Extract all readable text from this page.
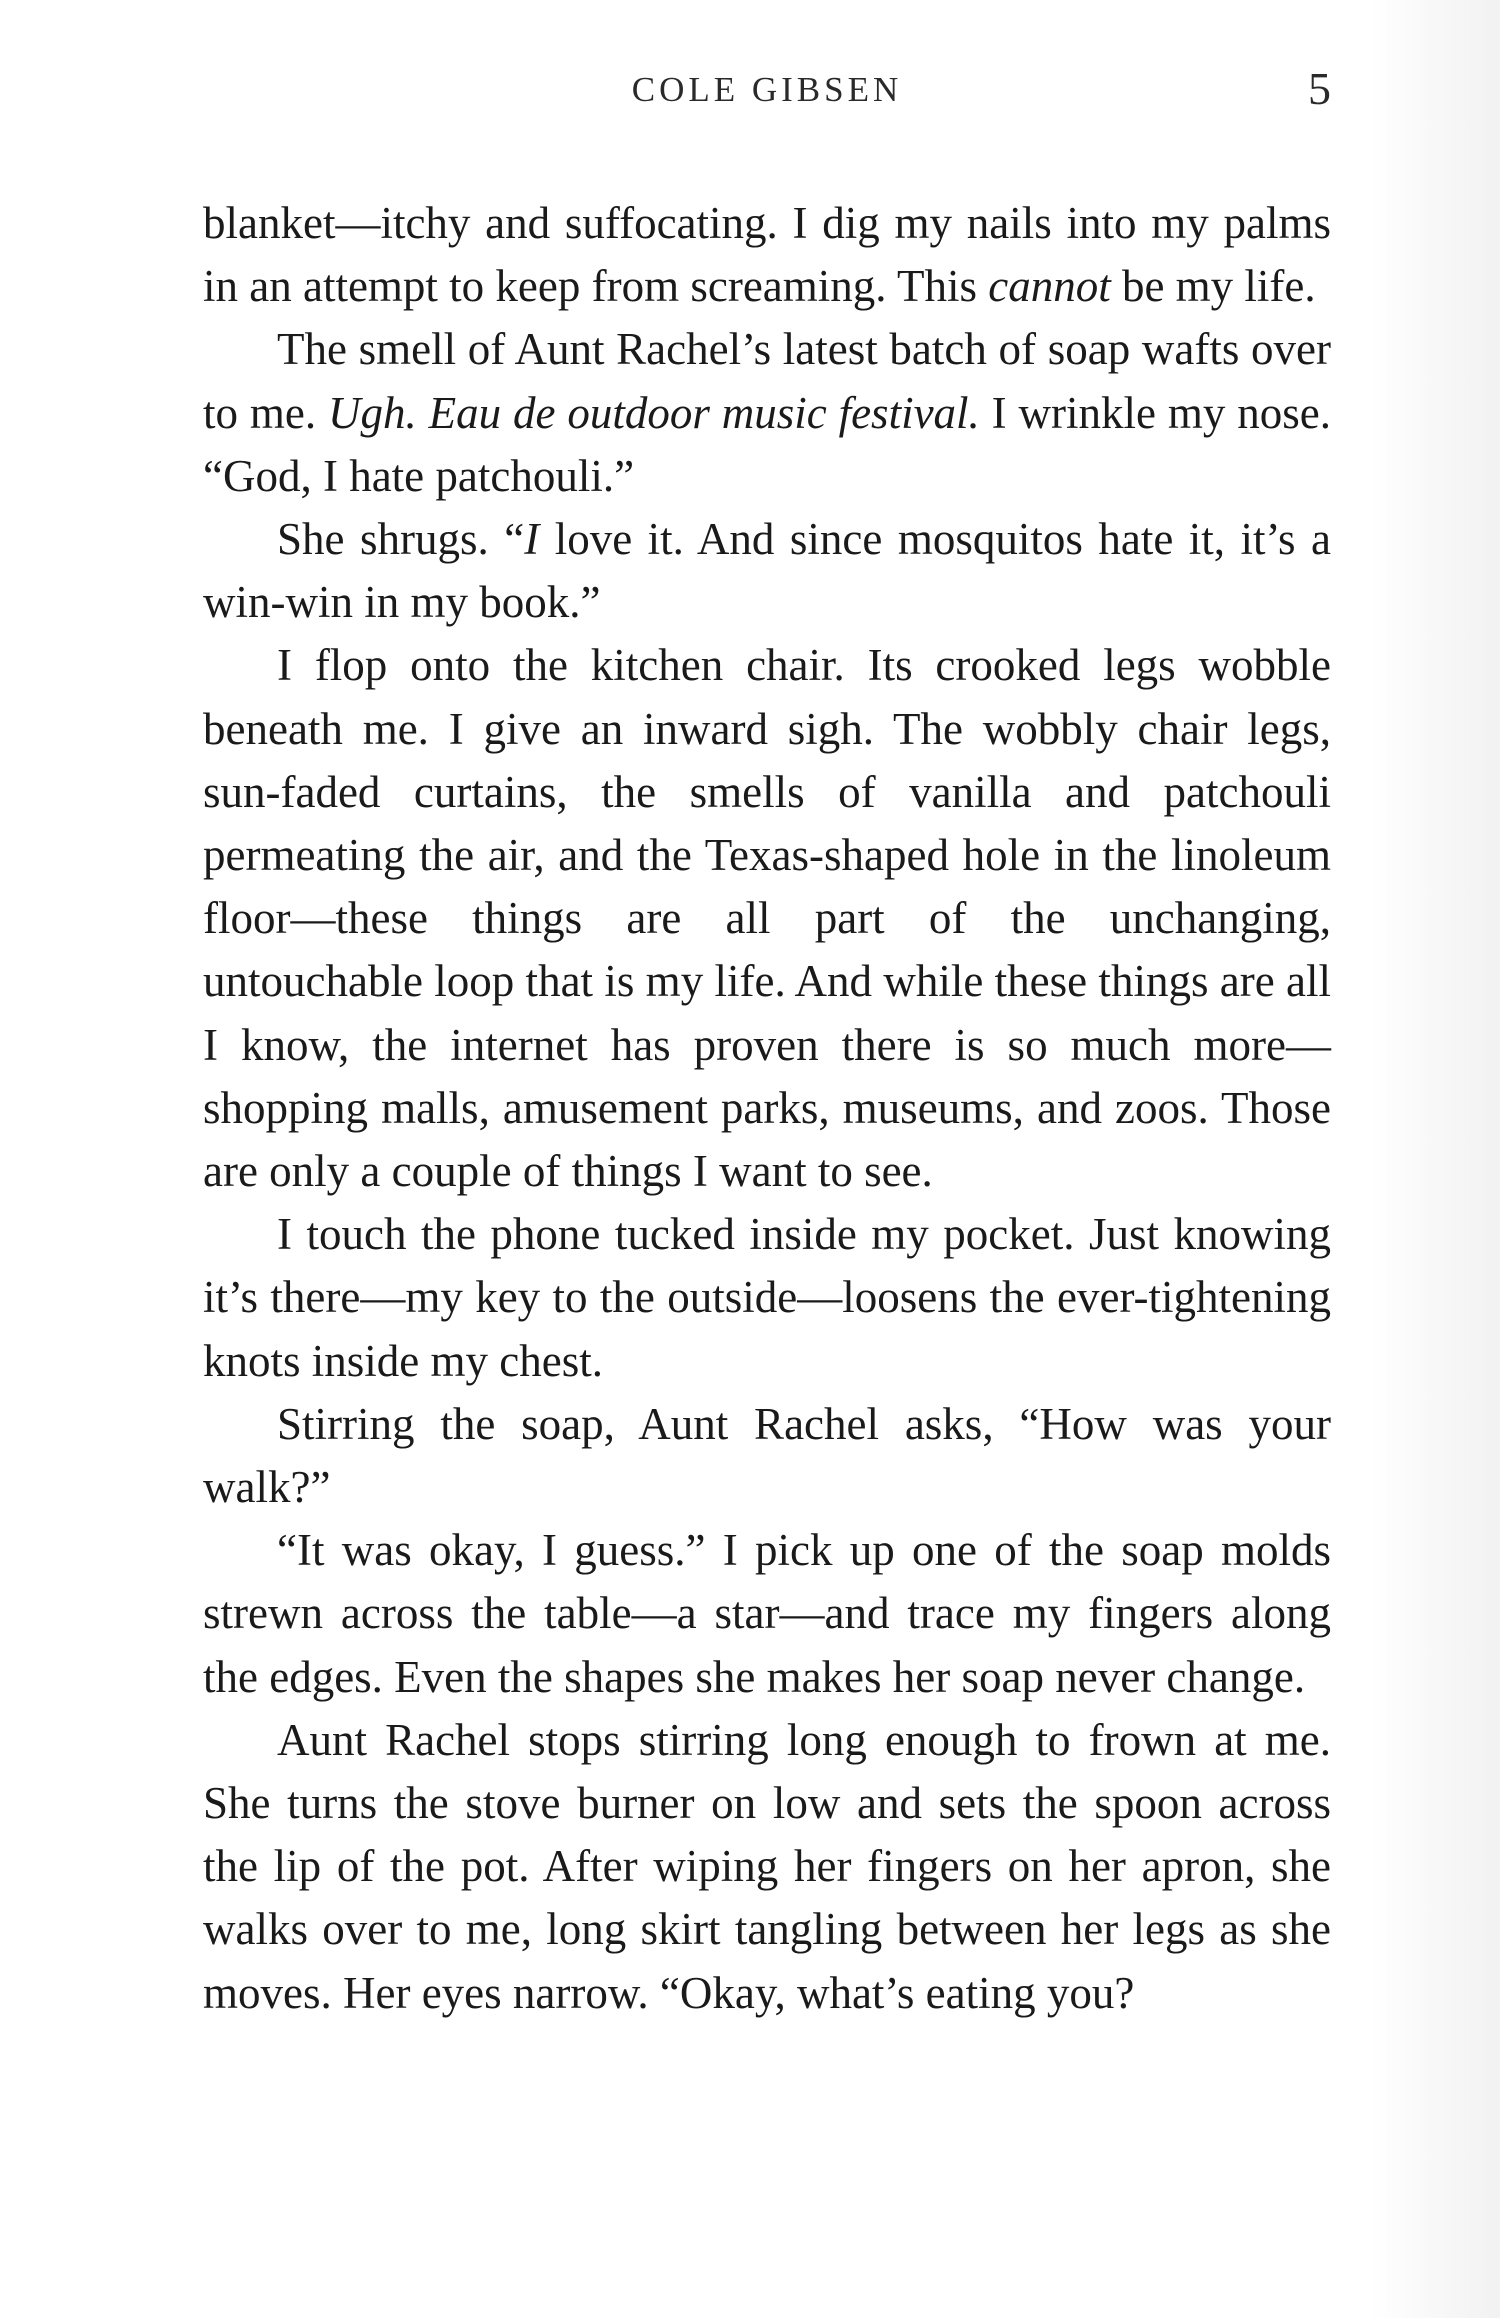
COLE GIBSEN	5

blanket—itchy and suffocating. I dig my nails into my palms in an attempt to keep from screaming. This cannot be my life.

The smell of Aunt Rachel’s latest batch of soap wafts over to me. Ugh. Eau de outdoor music festival. I wrinkle my nose. “God, I hate patchouli.”

She shrugs. “I love it. And since mosquitos hate it, it’s a win-win in my book.”

I flop onto the kitchen chair. Its crooked legs wobble beneath me. I give an inward sigh. The wobbly chair legs, sun-faded curtains, the smells of vanilla and patchouli permeating the air, and the Texas-shaped hole in the linoleum floor—these things are all part of the unchanging, untouchable loop that is my life. And while these things are all I know, the internet has proven there is so much more—shopping malls, amusement parks, museums, and zoos. Those are only a couple of things I want to see.

I touch the phone tucked inside my pocket. Just knowing it’s there—my key to the outside—loosens the ever-tightening knots inside my chest.

Stirring the soap, Aunt Rachel asks, “How was your walk?”

“It was okay, I guess.” I pick up one of the soap molds strewn across the table—a star—and trace my fingers along the edges. Even the shapes she makes her soap never change.

Aunt Rachel stops stirring long enough to frown at me. She turns the stove burner on low and sets the spoon across the lip of the pot. After wiping her fingers on her apron, she walks over to me, long skirt tangling between her legs as she moves. Her eyes narrow. “Okay, what’s eating you?
